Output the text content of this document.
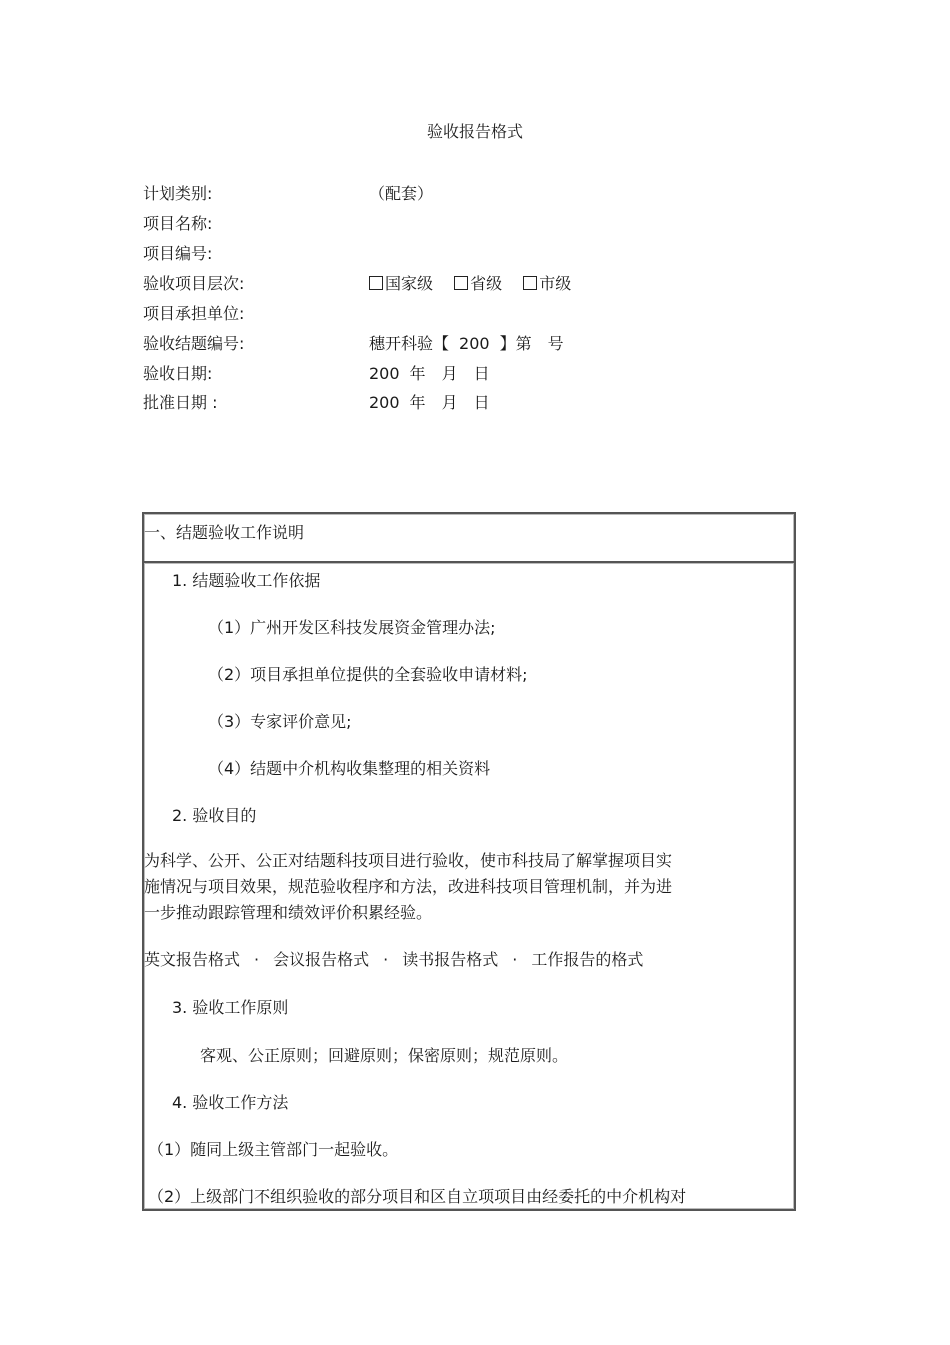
验收报告格式
计划类别:	（配套）
项目名称:
项目编号:
验收项目层次:	国家级 省级 市级
项目承担单位:
验收结题编号:	穗开科验【 200 】第 号
验收日期:	200 年 月 日
批准日期 :	200 年 月 日
一、结题验收工作说明
1. 结题验收工作依据
（1）广州开发区科技发展资金管理办法;
（2）项目承担单位提供的全套验收申请材料;
（3）专家评价意见;
（4）结题中介机构收集整理的相关资料
2. 验收目的
为科学、公开、公正对结题科技项目进行验收，使市科技局了解掌握项目实
施情况与项目效果，规范验收程序和方法，改进科技项目管理机制，并为进
一步推动跟踪管理和绩效评价积累经验。
英文报告格式 · 会议报告格式 · 读书报告格式 · 工作报告的格式
3. 验收工作原则
客观、公正原则；回避原则；保密原则；规范原则。
4. 验收工作方法
（1）随同上级主管部门一起验收。
（2）上级部门不组织验收的部分项目和区自立项项目由经委托的中介机构对
